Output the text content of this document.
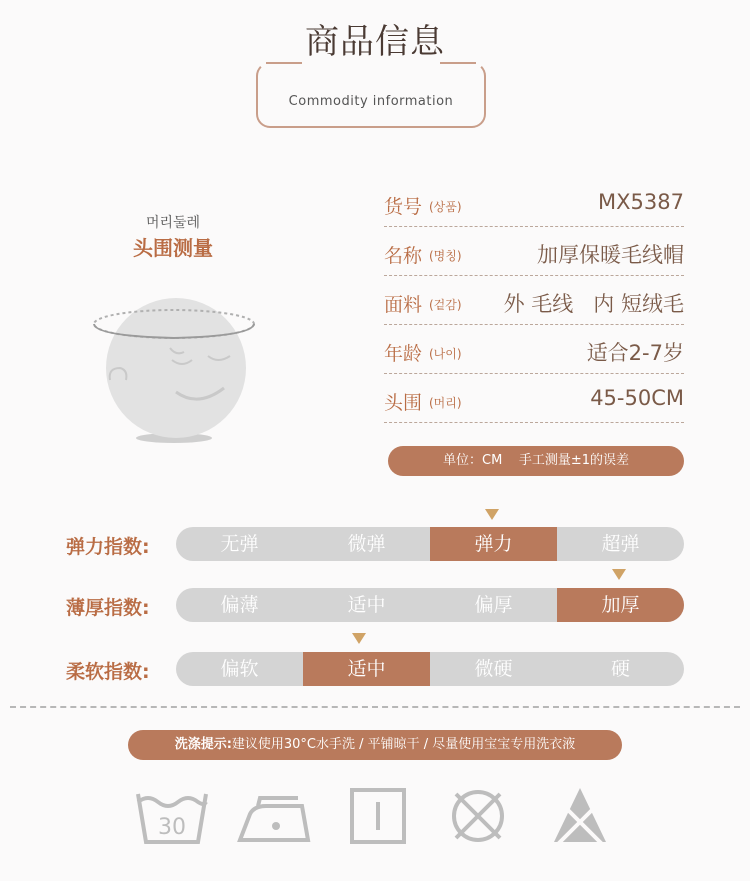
商品信息
Commodity information
머리둘레
头围测量
货号 (상품)	MX5387
名称 (명칭)	加厚保暖毛线帽
面料 (겉감) 外 毛线   内 短绒毛
年龄 (나이)	适合2-7岁
头围 (머리)	45-50CM
单位：CM    手工测量±1的误差
弹力指数:	无弹	微弹	弹力	超弹
薄厚指数:	偏薄	适中	偏厚	加厚
柔软指数:	偏软	适中	微硬	硬
洗涤提示:建议使用30°C水手洗 / 平铺晾干 / 尽量使用宝宝专用洗衣液
30
